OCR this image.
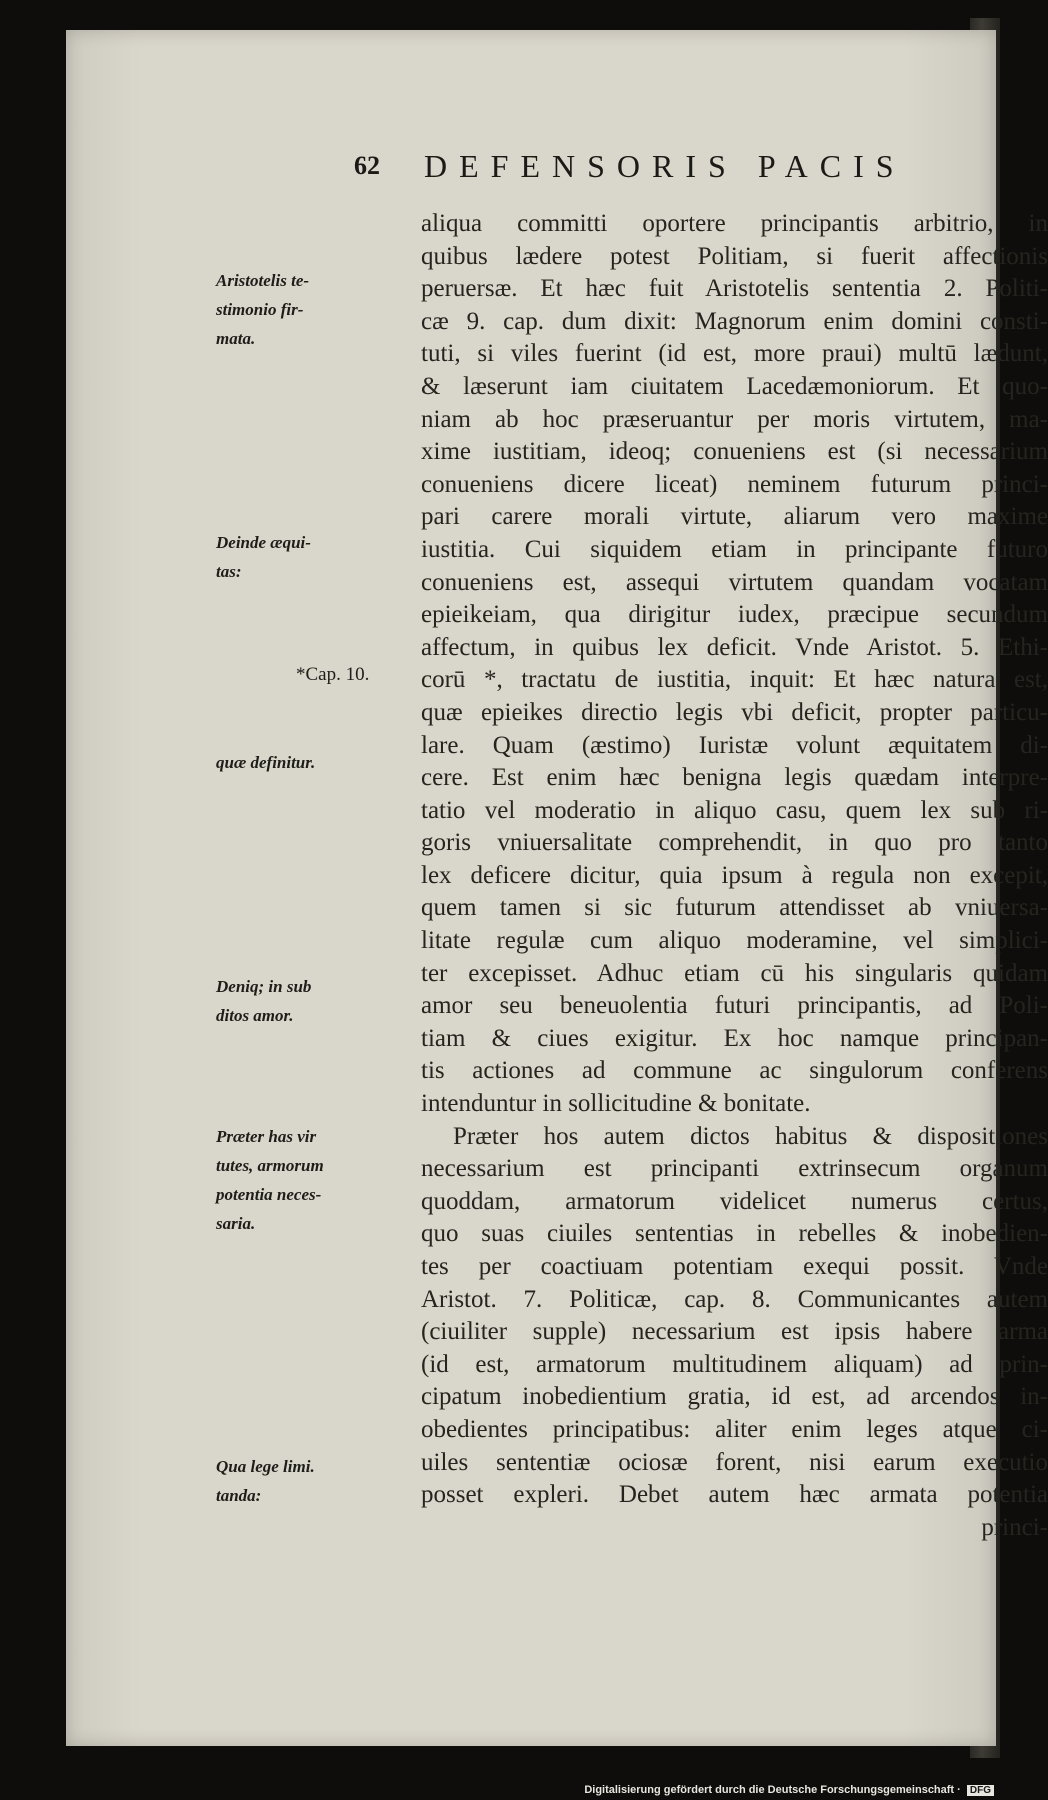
62 DEFENSORIS PACIS
aliqua committi oportere principantis arbitrio, in
quibus lædere potest Politiam, si fuerit affectionis
peruersæ. Et hæc fuit Aristotelis sententia 2. Politi-
cæ 9. cap. dum dixit: Magnorum enim domini consti-
tuti, si viles fuerint (id est, more praui) multū lædunt,
& læserunt iam ciuitatem Lacedæmoniorum. Et quo-
niam ab hoc præseruantur per moris virtutem, ma-
xime iustitiam, ideoq; conueniens est (si necessarium
conueniens dicere liceat) neminem futurum princi-
pari carere morali virtute, aliarum vero maxime
iustitia. Cui siquidem etiam in principante futuro
conueniens est, assequi virtutem quandam vocatam
epieikeiam, qua dirigitur iudex, præcipue secundum
affectum, in quibus lex deficit. Vnde Aristot. 5. Ethi-
corū *, tractatu de iustitia, inquit: Et hæc natura est,
quæ epieikes directio legis vbi deficit, propter particu-
lare. Quam (æstimo) Iuristæ volunt æquitatem di-
cere. Est enim hæc benigna legis quædam interpre-
tatio vel moderatio in aliquo casu, quem lex sub ri-
goris vniuersalitate comprehendit, in quo pro tanto
lex deficere dicitur, quia ipsum à regula non excepit,
quem tamen si sic futurum attendisset ab vniuersa-
litate regulæ cum aliquo moderamine, vel simplici-
ter excepisset. Adhuc etiam cū his singularis quidam
amor seu beneuolentia futuri principantis, ad Poli-
tiam & ciues exigitur. Ex hoc namque principan-
tis actiones ad commune ac singulorum conferens
intenduntur in sollicitudine & bonitate.
Præter hos autem dictos habitus & dispositiones
necessarium est principanti extrinsecum organum
quoddam, armatorum videlicet numerus certus,
quo suas ciuiles sententias in rebelles & inobedien-
tes per coactiuam potentiam exequi possit. Vnde
Aristot. 7. Politicæ, cap. 8. Communicantes autem
(ciuiliter supple) necessarium est ipsis habere arma
(id est, armatorum multitudinem aliquam) ad prin-
cipatum inobedientium gratia, id est, ad arcendos in-
obedientes principatibus: aliter enim leges atque ci-
uiles sententiæ ociosæ forent, nisi earum executio
posset expleri. Debet autem hæc armata potentia
princi-
Aristotelis te-
stimonio fir-
mata.
Deinde æqui-
tas:
*Cap. 10.
quæ definitur.
Deniq; in sub
ditos amor.
Præter has vir
tutes, armorum
potentia neces-
saria.
Qua lege limi.
tanda:
Digitalisierung gefördert durch die Deutsche Forschungsgemeinschaft · DFG
